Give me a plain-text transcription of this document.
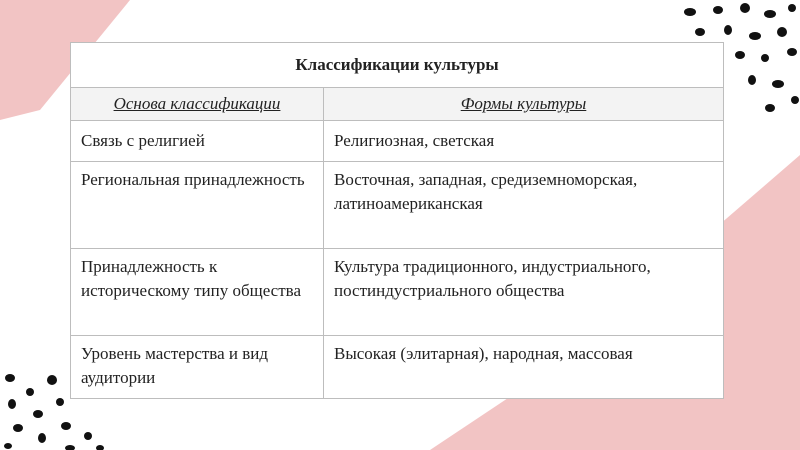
Классификации культуры	
Основа классификации	Формы культуры
Связь с религией	Религиозная, светская
Региональная принадлежность	Восточная, западная, средиземноморская, латиноамериканская
Принадлежность к историческому типу общества	Культура традиционного, индустриального, постиндустриального общества
Уровень мастерства и вид аудитории	Высокая (элитарная), народная, массовая
